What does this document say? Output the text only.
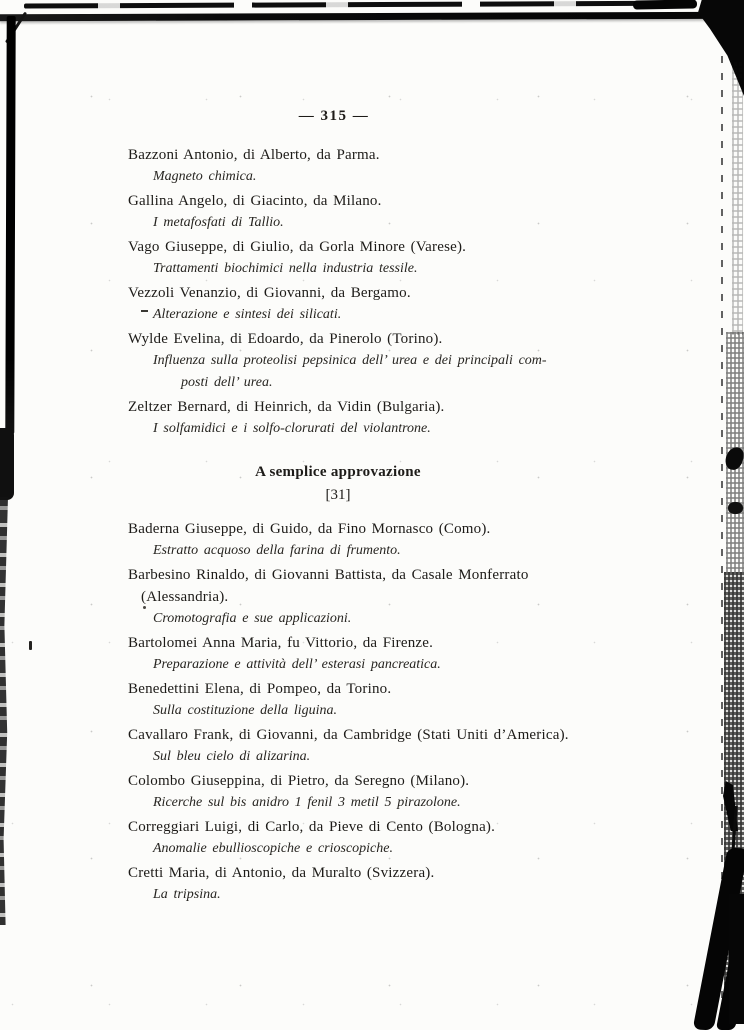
— 315 —
Bazzoni Antonio, di Alberto, da Parma.
Magneto chimica.
Gallina Angelo, di Giacinto, da Milano.
I metafosfati di Tallio.
Vago Giuseppe, di Giulio, da Gorla Minore (Varese).
Trattamenti biochimici nella industria tessile.
Vezzoli Venanzio, di Giovanni, da Bergamo.
Alterazione e sintesi dei silicati.
Wylde Evelina, di Edoardo, da Pinerolo (Torino).
Influenza sulla proteolisi pepsinica dell’ urea e dei principali com-
posti dell’ urea.
Zeltzer Bernard, di Heinrich, da Vidin (Bulgaria).
I solfamidici e i solfo-clorurati del violantrone.
A semplice approvazione
[31]
Baderna Giuseppe, di Guido, da Fino Mornasco (Como).
Estratto acquoso della farina di frumento.
Barbesino Rinaldo, di Giovanni Battista, da Casale Monferrato
(Alessandria).
Cromotografia e sue applicazioni.
Bartolomei Anna Maria, fu Vittorio, da Firenze.
Preparazione e attività dell’ esterasi pancreatica.
Benedettini Elena, di Pompeo, da Torino.
Sulla costituzione della liguina.
Cavallaro Frank, di Giovanni, da Cambridge (Stati Uniti d’America).
Sul bleu cielo di alizarina.
Colombo Giuseppina, di Pietro, da Seregno (Milano).
Ricerche sul bis anidro 1 fenil 3 metil 5 pirazolone.
Correggiari Luigi, di Carlo, da Pieve di Cento (Bologna).
Anomalie ebullioscopiche e crioscopiche.
Cretti Maria, di Antonio, da Muralto (Svizzera).
La tripsina.
